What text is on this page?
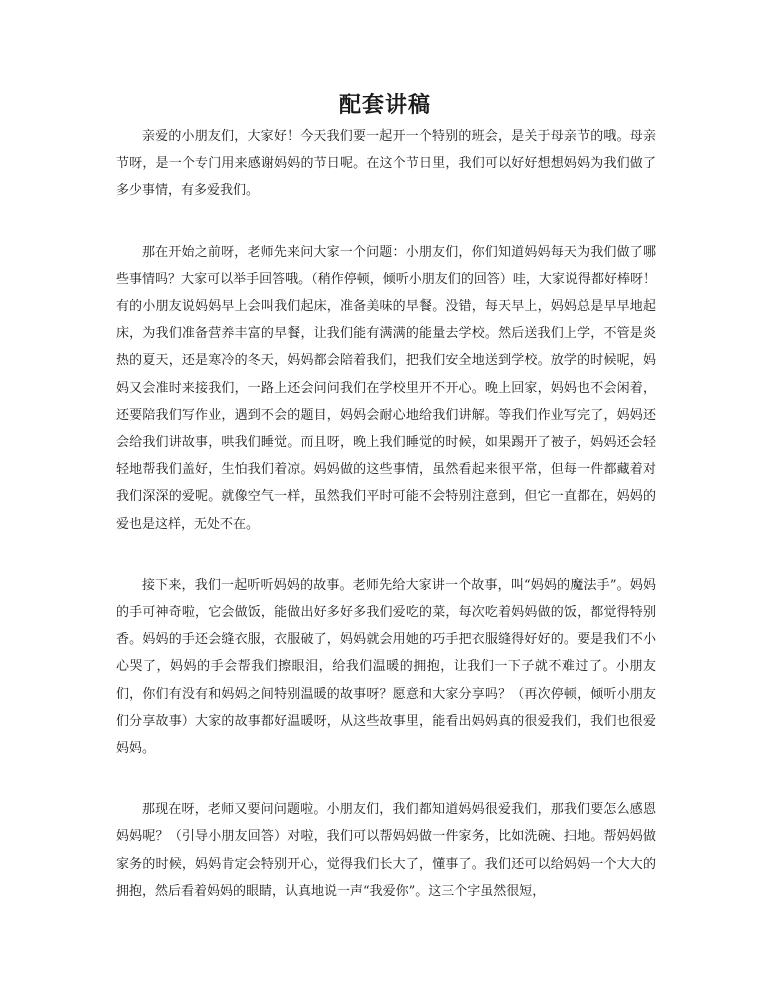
配套讲稿

亲爱的小朋友们，大家好！今天我们要一起开一个特别的班会，是关于母亲节的哦。母亲节呀，是一个专门用来感谢妈妈的节日呢。在这个节日里，我们可以好好想想妈妈为我们做了多少事情，有多爱我们。

那在开始之前呀，老师先来问大家一个问题：小朋友们，你们知道妈妈每天为我们做了哪些事情吗？大家可以举手回答哦。（稍作停顿，倾听小朋友们的回答）哇，大家说得都好棒呀！有的小朋友说妈妈早上会叫我们起床，准备美味的早餐。没错，每天早上，妈妈总是早早地起床，为我们准备营养丰富的早餐，让我们能有满满的能量去学校。然后送我们上学，不管是炎热的夏天，还是寒冷的冬天，妈妈都会陪着我们，把我们安全地送到学校。放学的时候呢，妈妈又会准时来接我们，一路上还会问问我们在学校里开不开心。晚上回家，妈妈也不会闲着，还要陪我们写作业，遇到不会的题目，妈妈会耐心地给我们讲解。等我们作业写完了，妈妈还会给我们讲故事，哄我们睡觉。而且呀，晚上我们睡觉的时候，如果踢开了被子，妈妈还会轻轻地帮我们盖好，生怕我们着凉。妈妈做的这些事情，虽然看起来很平常，但每一件都藏着对我们深深的爱呢。就像空气一样，虽然我们平时可能不会特别注意到，但它一直都在，妈妈的爱也是这样，无处不在。

接下来，我们一起听听妈妈的故事。老师先给大家讲一个故事，叫“妈妈的魔法手”。妈妈的手可神奇啦，它会做饭，能做出好多好多我们爱吃的菜，每次吃着妈妈做的饭，都觉得特别香。妈妈的手还会缝衣服，衣服破了，妈妈就会用她的巧手把衣服缝得好好的。要是我们不小心哭了，妈妈的手会帮我们擦眼泪，给我们温暖的拥抱，让我们一下子就不难过了。小朋友们，你们有没有和妈妈之间特别温暖的故事呀？愿意和大家分享吗？（再次停顿，倾听小朋友们分享故事）大家的故事都好温暖呀，从这些故事里，能看出妈妈真的很爱我们，我们也很爱妈妈。

那现在呀，老师又要问问题啦。小朋友们，我们都知道妈妈很爱我们，那我们要怎么感恩妈妈呢？（引导小朋友回答）对啦，我们可以帮妈妈做一件家务，比如洗碗、扫地。帮妈妈做家务的时候，妈妈肯定会特别开心，觉得我们长大了，懂事了。我们还可以给妈妈一个大大的拥抱，然后看着妈妈的眼睛，认真地说一声“我爱你”。这三个字虽然很短，
